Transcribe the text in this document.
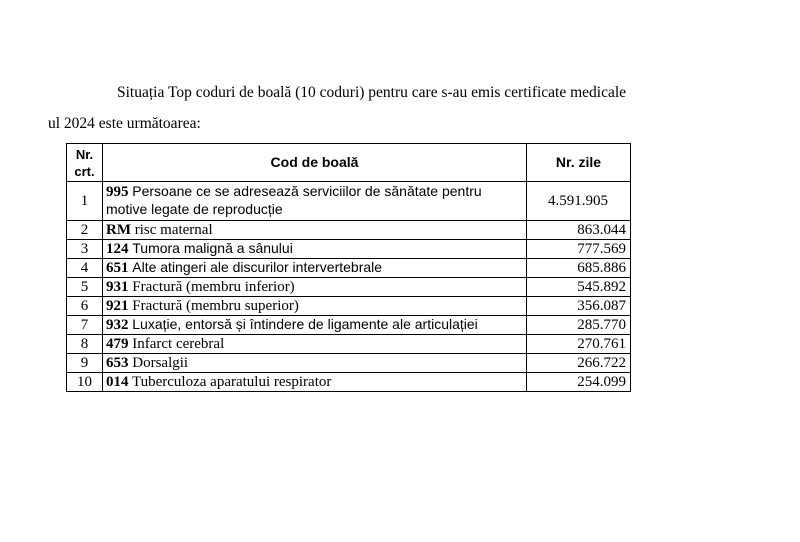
Situația Top coduri de boală (10 coduri) pentru care s-au emis certificate medicale
ul 2024 este următoarea:
Nr. crt.	Cod de boală	Nr. zile
1	995 Persoane ce se adresează serviciilor de sănătate pentru motive legate de reproducție	4.591.905
2	RM risc maternal	863.044
3	124 Tumora malignă a sânului	777.569
4	651 Alte atingeri ale discurilor intervertebrale	685.886
5	931 Fractură (membru inferior)	545.892
6	921 Fractură (membru superior)	356.087
7	932 Luxație, entorsă și întindere de ligamente ale articulației	285.770
8	479 Infarct cerebral	270.761
9	653 Dorsalgii	266.722
10	014 Tuberculoza aparatului respirator	254.099
